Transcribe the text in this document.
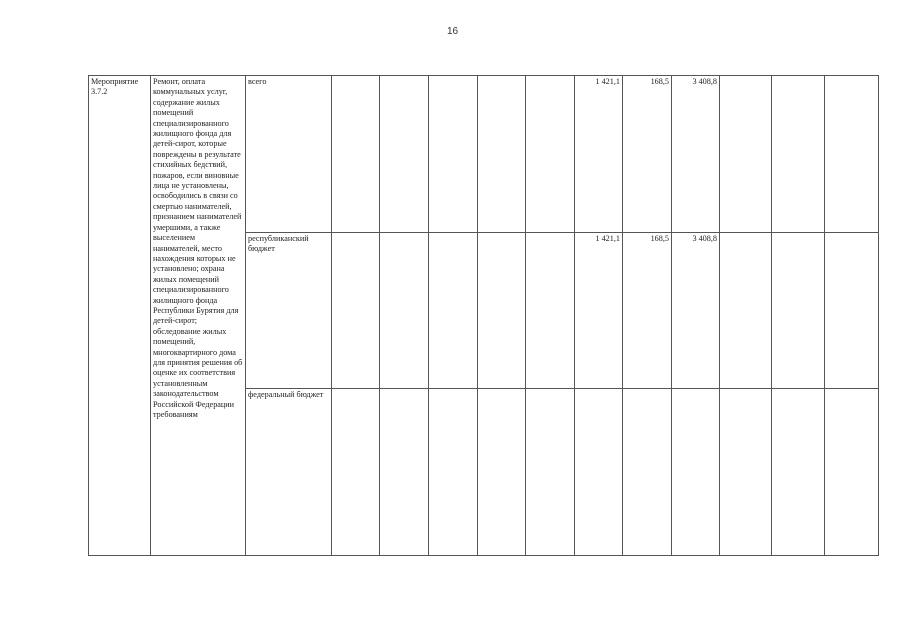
16
Мероприятие 3.7.2	Ремонт, оплата коммунальных услуг, содержание жилых помещений специализированного жилищного фонда для детей-сирот, которые повреждены в результате стихийных бедствий, пожаров, если виновные лица не установлены, освободились в связи со смертью нанимателей, признанием нанимателей умершими, а также выселением нанимателей, место нахождения которых не установлено; охрана жилых помещений специализированного жилищного фонда Республики Бурятия для детей-сирот; обследование жилых помещений, многоквартирного дома для принятия решения об оценке их соответствия установленным законодательством Российской Федерации требованиям	всего						1 421,1	168,5	3 408,8			
		республиканский бюджет						1 421,1	168,5	3 408,8			
		федеральный бюджет											
